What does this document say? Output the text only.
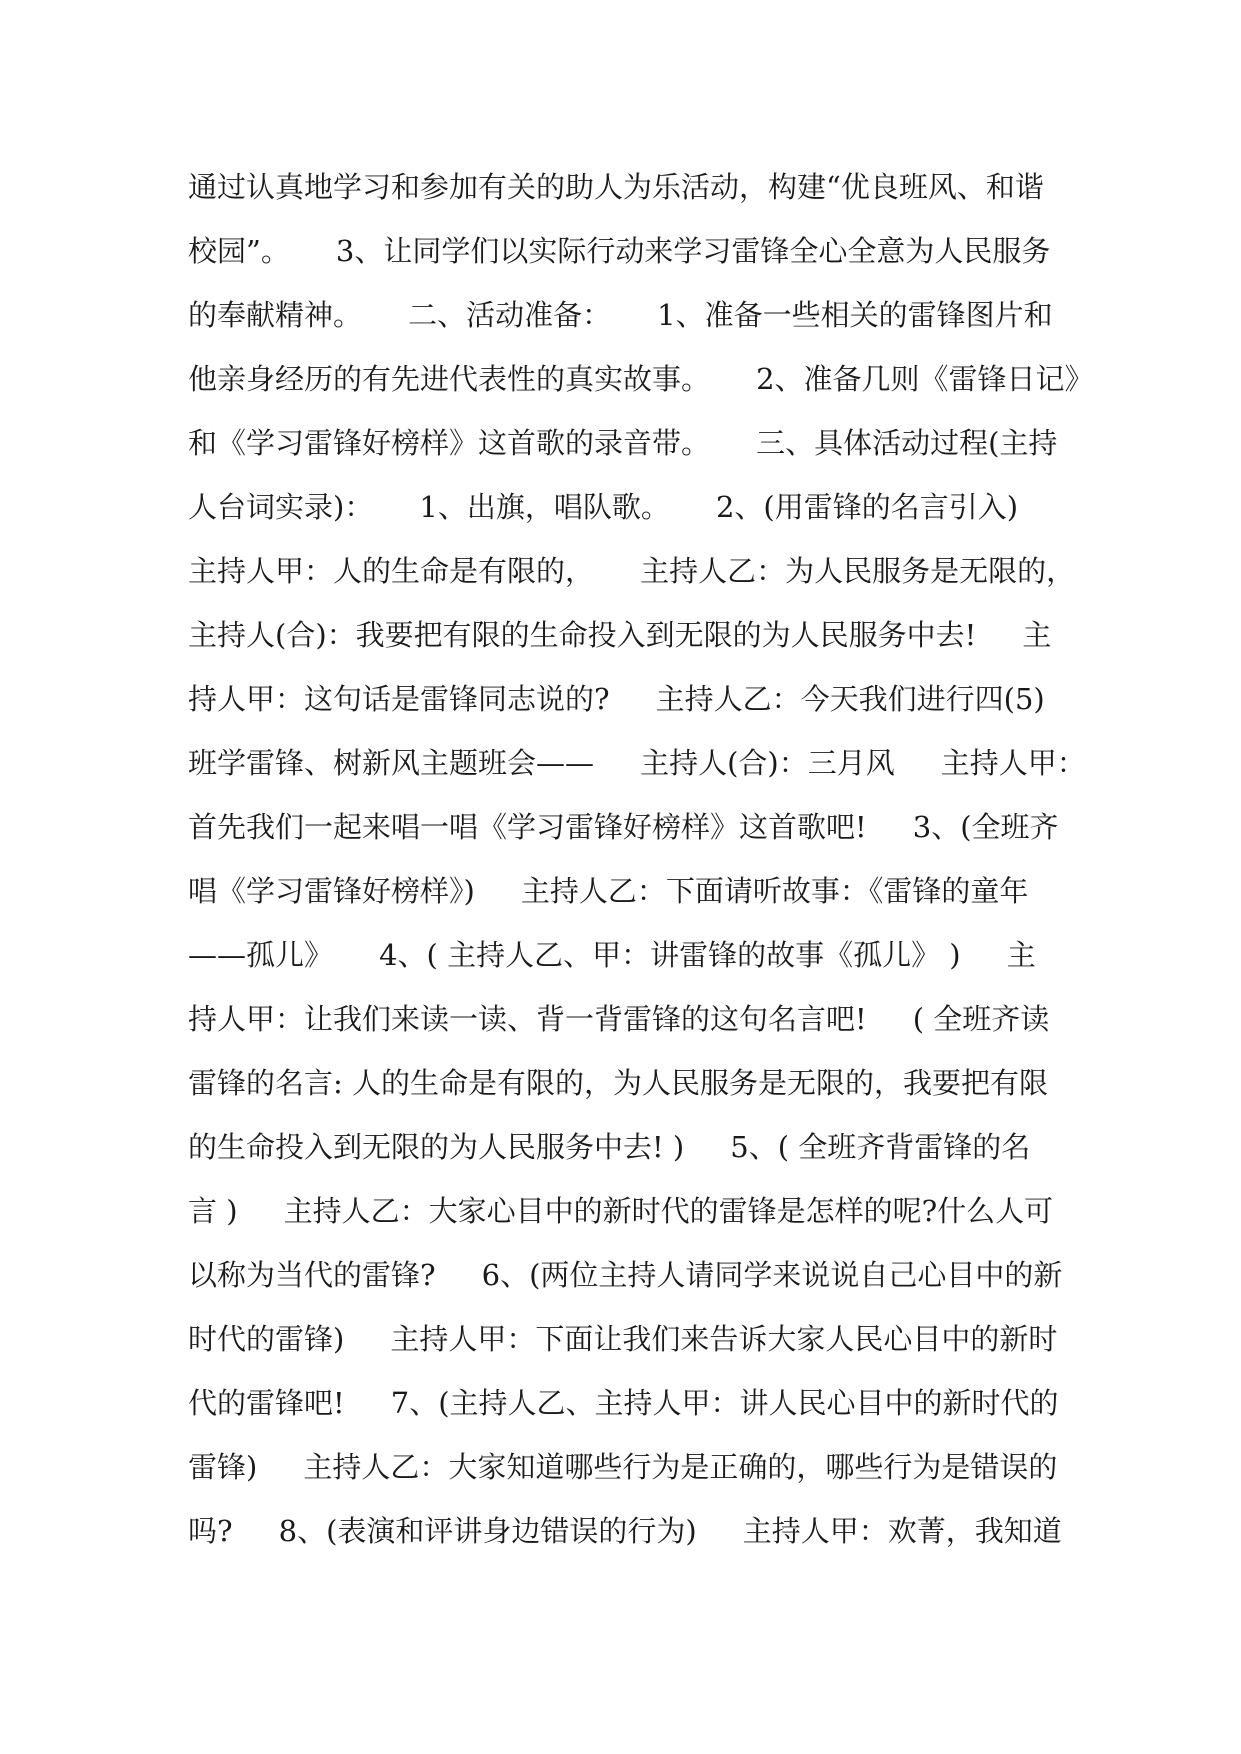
通过认真地学习和参加有关的助人为乐活动，构建“优良班风、和谐

校园”。     3、让同学们以实际行动来学习雷锋全心全意为人民服务

的奉献精神。     二、活动准备：     1、准备一些相关的雷锋图片和

他亲身经历的有先进代表性的真实故事。     2、准备几则《雷锋日记》

和《学习雷锋好榜样》这首歌的录音带。     三、具体活动过程(主持

人台词实录)：     1、出旗，唱队歌。     2、(用雷锋的名言引入)

主持人甲：人的生命是有限的，     主持人乙：为人民服务是无限的，

主持人(合)：我要把有限的生命投入到无限的为人民服务中去!     主

持人甲：这句话是雷锋同志说的?     主持人乙：今天我们进行四(5)

班学雷锋、树新风主题班会——     主持人(合)：三月风     主持人甲：

首先我们一起来唱一唱《学习雷锋好榜样》这首歌吧!     3、(全班齐

唱《学习雷锋好榜样》)     主持人乙：下面请听故事：《雷锋的童年

——孤儿》     4、( 主持人乙、甲：讲雷锋的故事《孤儿》 )     主

持人甲：让我们来读一读、背一背雷锋的这句名言吧!     ( 全班齐读

雷锋的名言: 人的生命是有限的，为人民服务是无限的，我要把有限

的生命投入到无限的为人民服务中去! )     5、( 全班齐背雷锋的名

言 )     主持人乙：大家心目中的新时代的雷锋是怎样的呢?什么人可

以称为当代的雷锋?     6、(两位主持人请同学来说说自己心目中的新

时代的雷锋)     主持人甲：下面让我们来告诉大家人民心目中的新时

代的雷锋吧!     7、(主持人乙、主持人甲：讲人民心目中的新时代的

雷锋)     主持人乙：大家知道哪些行为是正确的，哪些行为是错误的

吗?     8、(表演和评讲身边错误的行为)     主持人甲：欢菁，我知道
